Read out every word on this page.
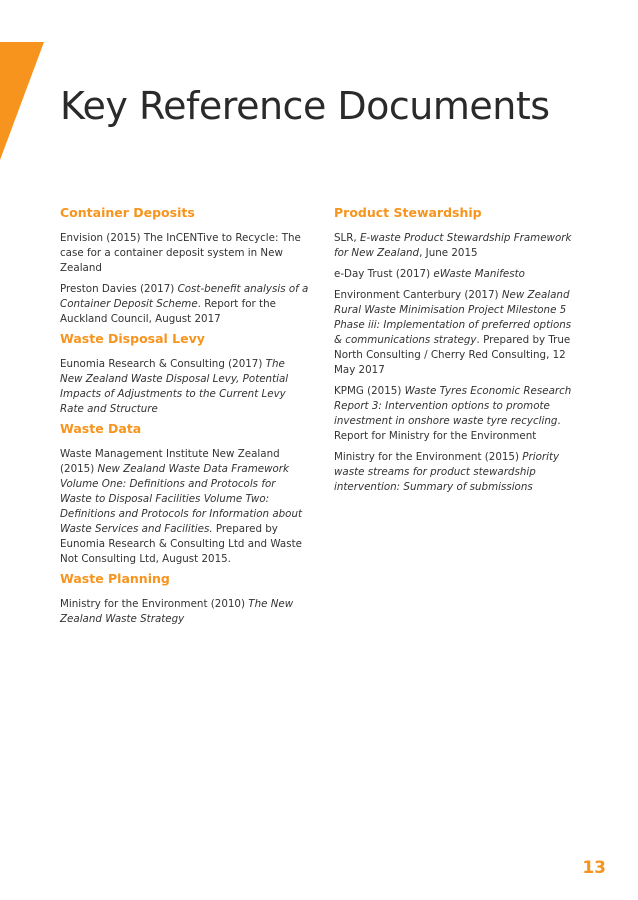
Key Reference Documents
Container Deposits

Envision (2015) The InCENTive to Recycle: The case for a container deposit system in New Zealand

Preston Davies (2017) Cost-benefit analysis of a Container Deposit Scheme. Report for the Auckland Council, August 2017

Waste Disposal Levy

Eunomia Research & Consulting (2017) The New Zealand Waste Disposal Levy, Potential Impacts of Adjustments to the Current Levy Rate and Structure

Waste Data

Waste Management Institute New Zealand (2015) New Zealand Waste Data Framework Volume One: Definitions and Protocols for Waste to Disposal Facilities Volume Two: Definitions and Protocols for Information about Waste Services and Facilities. Prepared by Eunomia Research & Consulting Ltd and Waste Not Consulting Ltd, August 2015.

Waste Planning

Ministry for the Environment (2010) The New Zealand Waste Strategy

Product Stewardship

SLR, E-waste Product Stewardship Framework for New Zealand, June 2015

e-Day Trust (2017) eWaste Manifesto

Environment Canterbury (2017) New Zealand Rural Waste Minimisation Project Milestone 5 Phase iii: Implementation of preferred options & communications strategy. Prepared by True North Consulting / Cherry Red Consulting, 12 May 2017

KPMG (2015) Waste Tyres Economic Research Report 3: Intervention options to promote investment in onshore waste tyre recycling. Report for Ministry for the Environment

Ministry for the Environment (2015) Priority waste streams for product stewardship intervention: Summary of submissions

13
